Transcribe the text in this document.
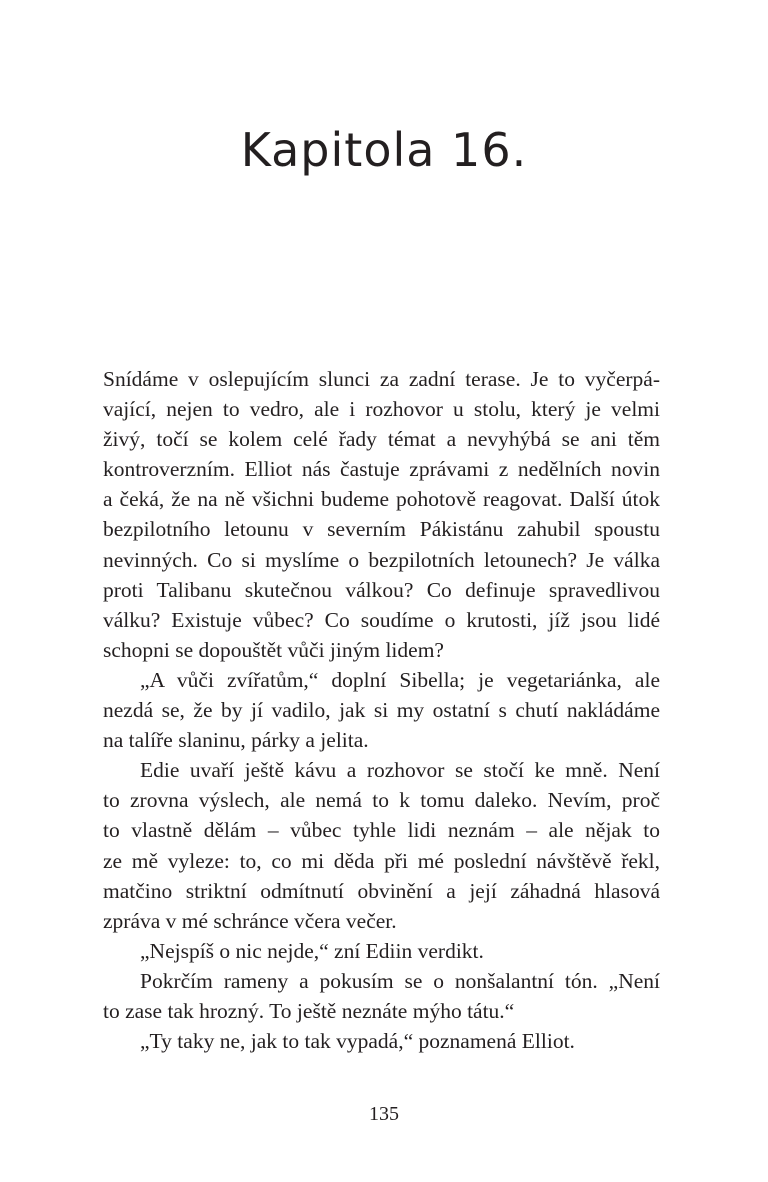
Kapitola 16.
Snídáme v oslepujícím slunci za zadní terase. Je to vyčerpá-
vající, nejen to vedro, ale i rozhovor u stolu, který je velmi
živý, točí se kolem celé řady témat a nevyhýbá se ani těm
kontroverzním. Elliot nás častuje zprávami z nedělních novin
a čeká, že na ně všichni budeme pohotově reagovat. Další útok
bezpilotního letounu v severním Pákistánu zahubil spoustu
nevinných. Co si myslíme o bezpilotních letounech? Je válka
proti Talibanu skutečnou válkou? Co definuje spravedlivou
válku? Existuje vůbec? Co soudíme o krutosti, jíž jsou lidé
schopni se dopouštět vůči jiným lidem?
„A vůči zvířatům,“ doplní Sibella; je vegetariánka, ale
nezdá se, že by jí vadilo, jak si my ostatní s chutí nakládáme
na talíře slaninu, párky a jelita.
Edie uvaří ještě kávu a rozhovor se stočí ke mně. Není
to zrovna výslech, ale nemá to k tomu daleko. Nevím, proč
to vlastně dělám – vůbec tyhle lidi neznám – ale nějak to
ze mě vyleze: to, co mi děda při mé poslední návštěvě řekl,
matčino striktní odmítnutí obvinění a její záhadná hlasová
zpráva v mé schránce včera večer.
„Nejspíš o nic nejde,“ zní Ediin verdikt.
Pokrčím rameny a pokusím se o nonšalantní tón. „Není
to zase tak hrozný. To ještě neznáte mýho tátu.“
„Ty taky ne, jak to tak vypadá,“ poznamená Elliot.
135
